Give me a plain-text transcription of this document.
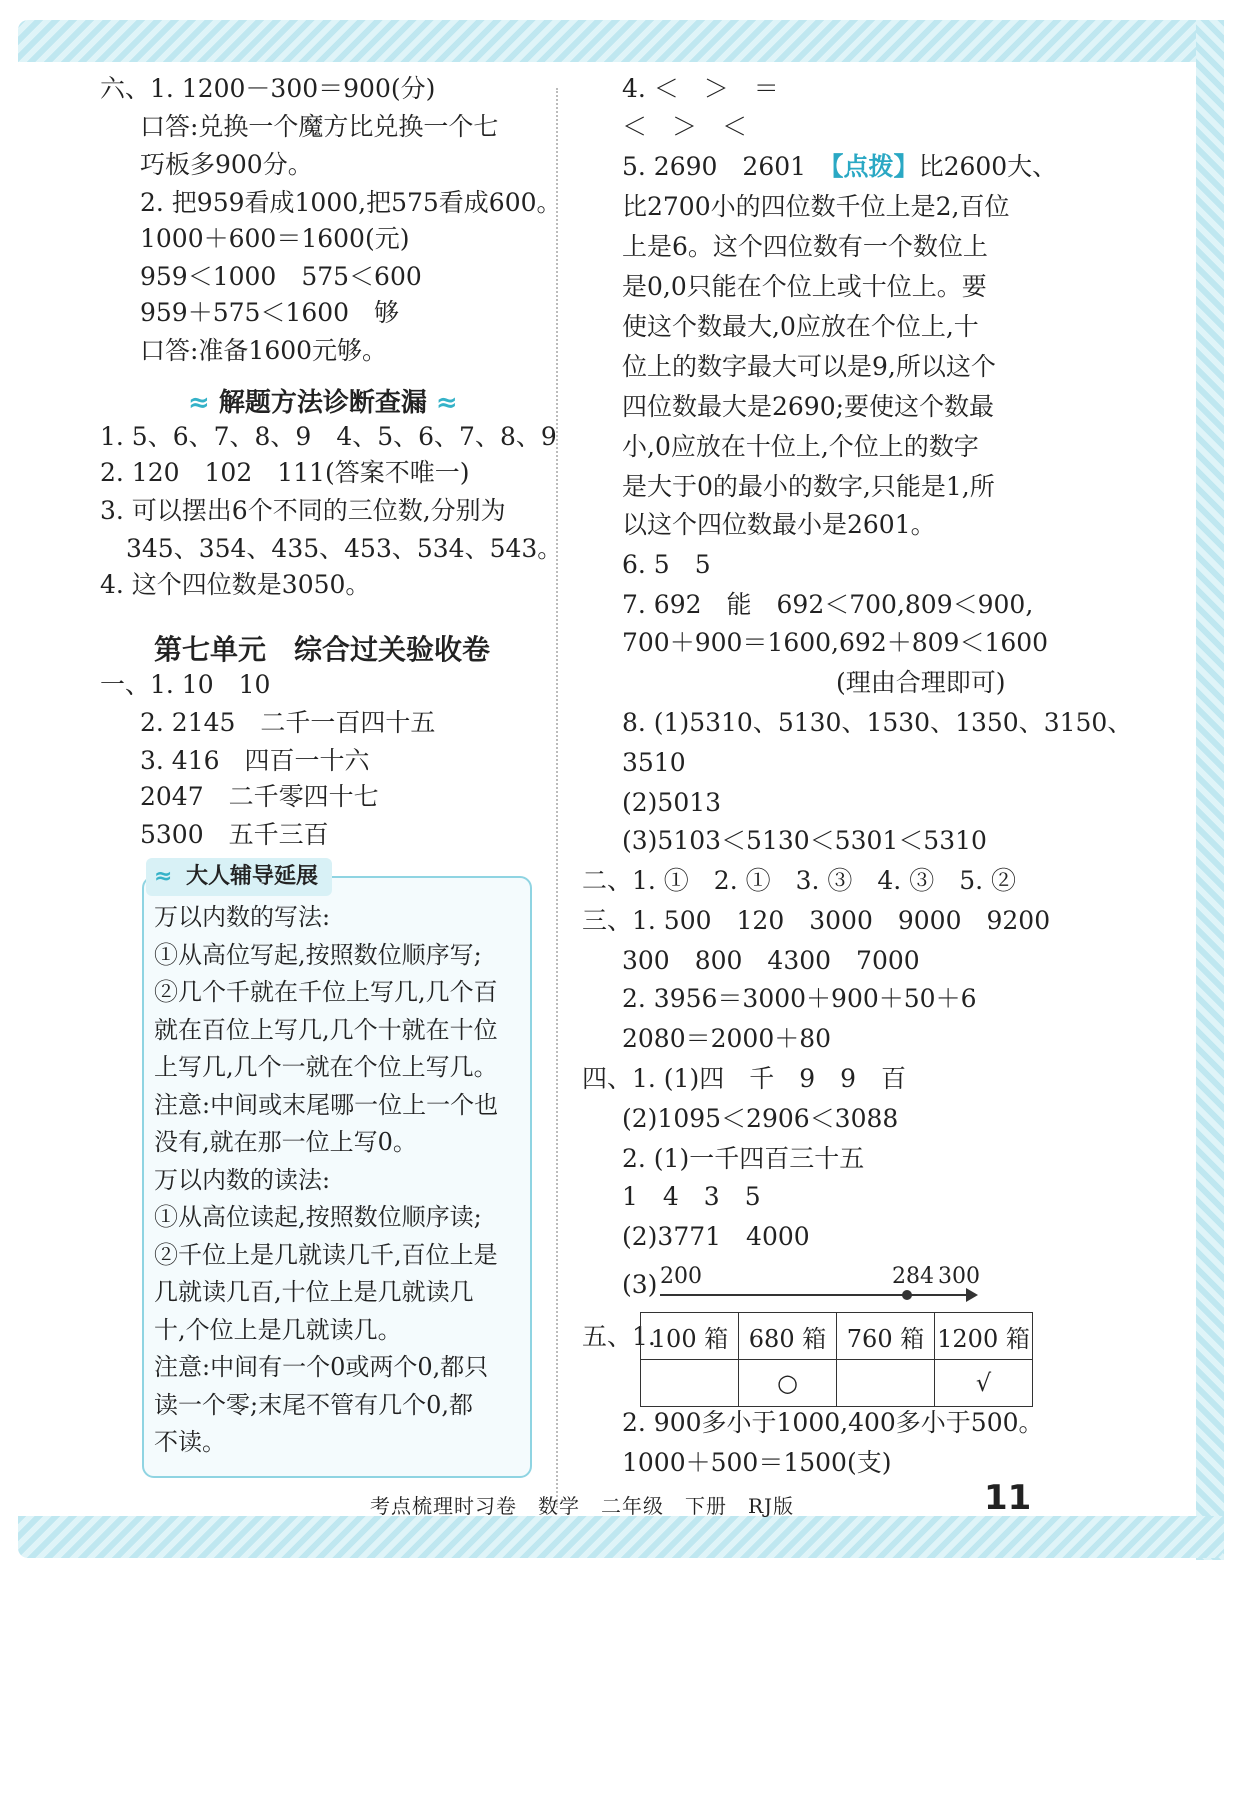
六、1. 1200－300＝900(分)
口答:兑换一个魔方比兑换一个七
巧板多900分。
2. 把959看成1000,把575看成600。
1000＋600＝1600(元)
959＜1000　575＜600
959＋575＜1600　够
口答:准备1600元够。
≈ 解题方法诊断查漏 ≈
1. 5、6、7、8、9　4、5、6、7、8、9
2. 120　102　111(答案不唯一)
3. 可以摆出6个不同的三位数,分别为
345、354、435、453、534、543。
4. 这个四位数是3050。
第七单元　综合过关验收卷
一、1. 10　10
2. 2145　二千一百四十五
3. 416　四百一十六
2047　二千零四十七
5300　五千三百
≈ 大人辅导延展
万以内数的写法:
①从高位写起,按照数位顺序写;
②几个千就在千位上写几,几个百
就在百位上写几,几个十就在十位
上写几,几个一就在个位上写几。
注意:中间或末尾哪一位上一个也
没有,就在那一位上写0。
万以内数的读法:
①从高位读起,按照数位顺序读;
②千位上是几就读几千,百位上是
几就读几百,十位上是几就读几
十,个位上是几就读几。
注意:中间有一个0或两个0,都只
读一个零;末尾不管有几个0,都
不读。
4. ＜　＞　＝
＜　＞　＜
5. 2690　2601　【点拨】比2600大、
比2700小的四位数千位上是2,百位
上是6。这个四位数有一个数位上
是0,0只能在个位上或十位上。要
使这个数最大,0应放在个位上,十
位上的数字最大可以是9,所以这个
四位数最大是2690;要使这个数最
小,0应放在十位上,个位上的数字
是大于0的最小的数字,只能是1,所
以这个四位数最小是2601。
6. 5　5
7. 692　能　692＜700,809＜900,
700＋900＝1600,692＋809＜1600
(理由合理即可)
8. (1)5310、5130、1530、1350、3150、
3510
(2)5013
(3)5103＜5130＜5301＜5310
二、1. ①　2. ①　3. ③　4. ③　5. ②
三、1. 500　120　3000　9000　9200
300　800　4300　7000
2. 3956＝3000＋900＋50＋6
2080＝2000＋80
四、1. (1)四　千　9　9　百
(2)1095＜2906＜3088
2. (1)一千四百三十五
1　4　3　5
(2)3771　4000
(3) 200	284 300
五、1.
100 箱	680 箱	760 箱	1200 箱
	○		√
2. 900多小于1000,400多小于500。
1000＋500＝1500(支)
考点梳理时习卷　数学　二年级　下册　RJ版	11
